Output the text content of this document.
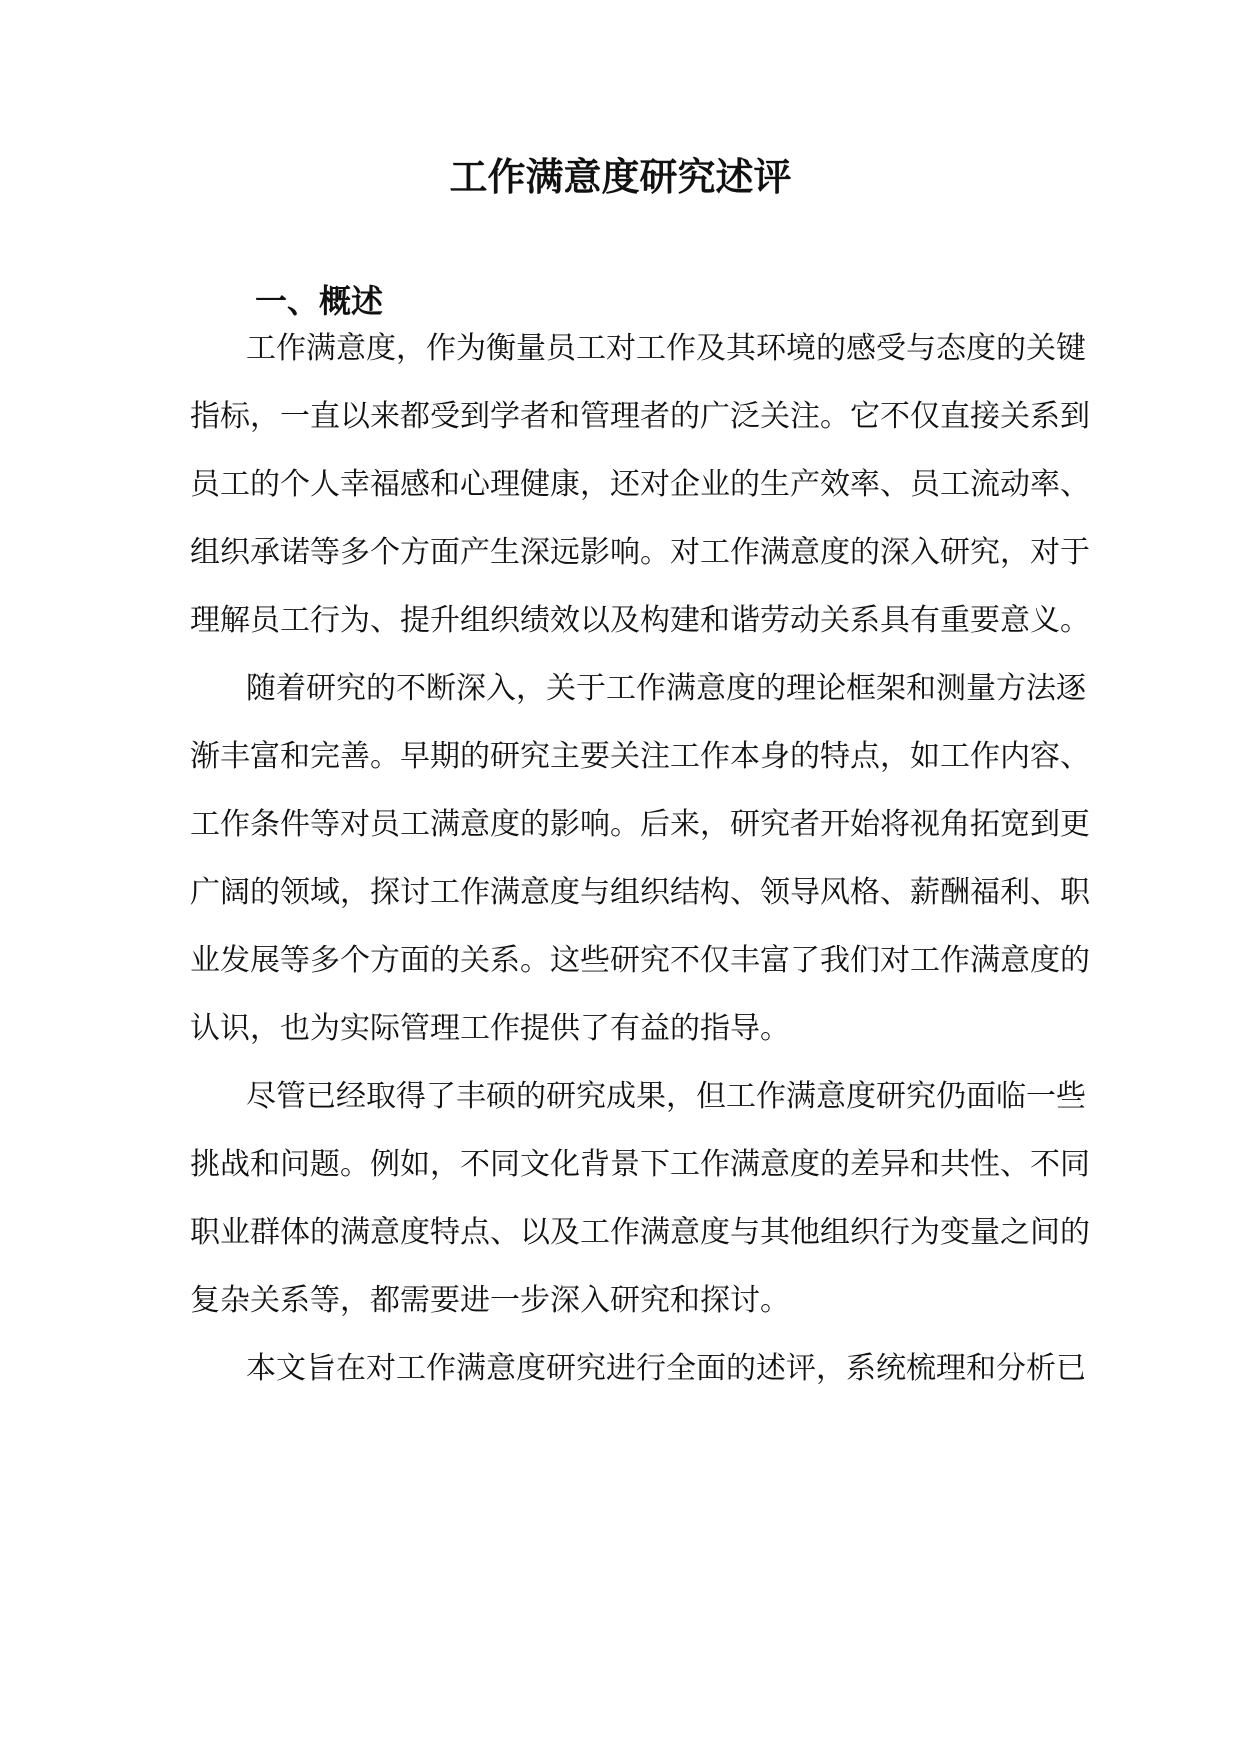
工作满意度研究述评
一、概述
工作满意度，作为衡量员工对工作及其环境的感受与态度的关键
指标，一直以来都受到学者和管理者的广泛关注。它不仅直接关系到
员工的个人幸福感和心理健康，还对企业的生产效率、员工流动率、
组织承诺等多个方面产生深远影响。对工作满意度的深入研究，对于
理解员工行为、提升组织绩效以及构建和谐劳动关系具有重要意义。
随着研究的不断深入，关于工作满意度的理论框架和测量方法逐
渐丰富和完善。早期的研究主要关注工作本身的特点，如工作内容、
工作条件等对员工满意度的影响。后来，研究者开始将视角拓宽到更
广阔的领域，探讨工作满意度与组织结构、领导风格、薪酬福利、职
业发展等多个方面的关系。这些研究不仅丰富了我们对工作满意度的
认识，也为实际管理工作提供了有益的指导。
尽管已经取得了丰硕的研究成果，但工作满意度研究仍面临一些
挑战和问题。例如，不同文化背景下工作满意度的差异和共性、不同
职业群体的满意度特点、以及工作满意度与其他组织行为变量之间的
复杂关系等，都需要进一步深入研究和探讨。
本文旨在对工作满意度研究进行全面的述评，系统梳理和分析已
